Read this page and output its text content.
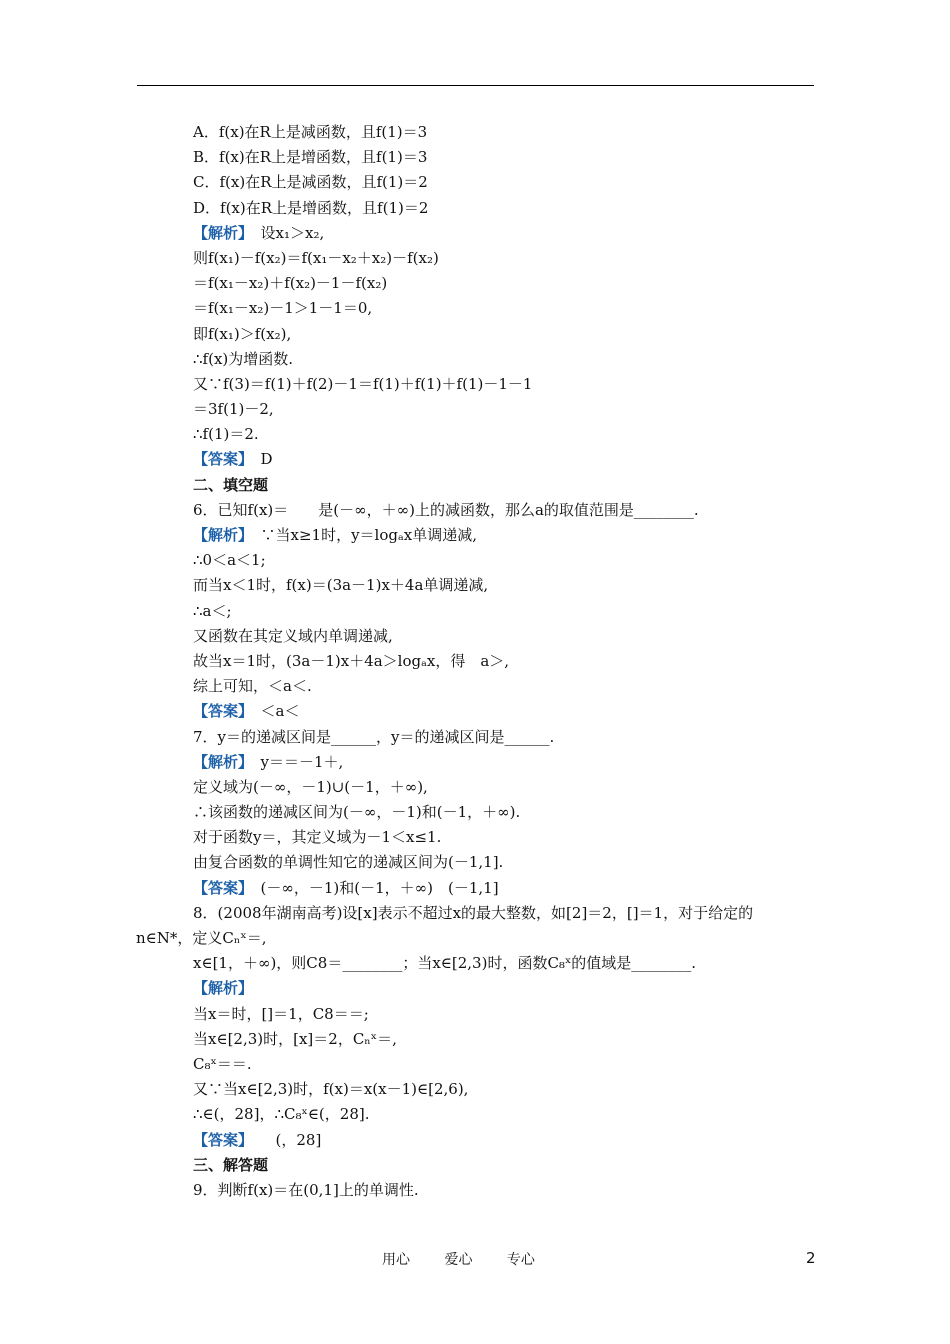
A．f(x)在R上是减函数，且f(1)＝3
B．f(x)在R上是增函数，且f(1)＝3
C．f(x)在R上是减函数，且f(1)＝2
D．f(x)在R上是增函数，且f(1)＝2
【解析】　设x₁＞x₂,
则f(x₁)－f(x₂)＝f(x₁－x₂＋x₂)－f(x₂)
＝f(x₁－x₂)＋f(x₂)－1－f(x₂)
＝f(x₁－x₂)－1＞1－1＝0,
即f(x₁)＞f(x₂),
∴f(x)为增函数.
又∵f(3)＝f(1)＋f(2)－1＝f(1)＋f(1)＋f(1)－1－1
＝3f(1)－2,
∴f(1)＝2.
【答案】　D
二、填空题
6．已知f(x)＝　　是(－∞，＋∞)上的减函数，那么a的取值范围是________.
【解析】　∵当x≥1时，y＝logₐx单调递减,
∴0＜a＜1;
而当x＜1时，f(x)＝(3a－1)x＋4a单调递减,
∴a＜;
又函数在其定义域内单调递减,
故当x＝1时，(3a－1)x＋4a＞logₐx，得　a＞,
综上可知，＜a＜.
【答案】　＜a＜
7．y＝的递减区间是______，y＝的递减区间是______.
【解析】　y＝＝－1＋,
定义域为(－∞，－1)∪(－1，＋∞),
∴该函数的递减区间为(－∞，－1)和(－1，＋∞).
对于函数y＝，其定义域为－1＜x≤1.
由复合函数的单调性知它的递减区间为(－1,1].
【答案】　(－∞，－1)和(－1，＋∞)　(－1,1]
8．(2008年湖南高考)设[x]表示不超过x的最大整数，如[2]＝2，[]＝1，对于给定的
n∈N*，定义Cₙˣ＝,
x∈[1，＋∞)，则C8＝________；当x∈[2,3)时，函数C₈ˣ的值域是________.
【解析】
当x＝时，[]＝1，C8＝＝;
当x∈[2,3)时，[x]＝2，Cₙˣ＝,
C₈ˣ＝＝.
又∵当x∈[2,3)时，f(x)＝x(x－1)∈[2,6),
∴∈(，28]，∴C₈ˣ∈(，28].
【答案】　　(，28]
三、解答题
9．判断f(x)＝在(0,1]上的单调性.
用心 爱心 专心	2
